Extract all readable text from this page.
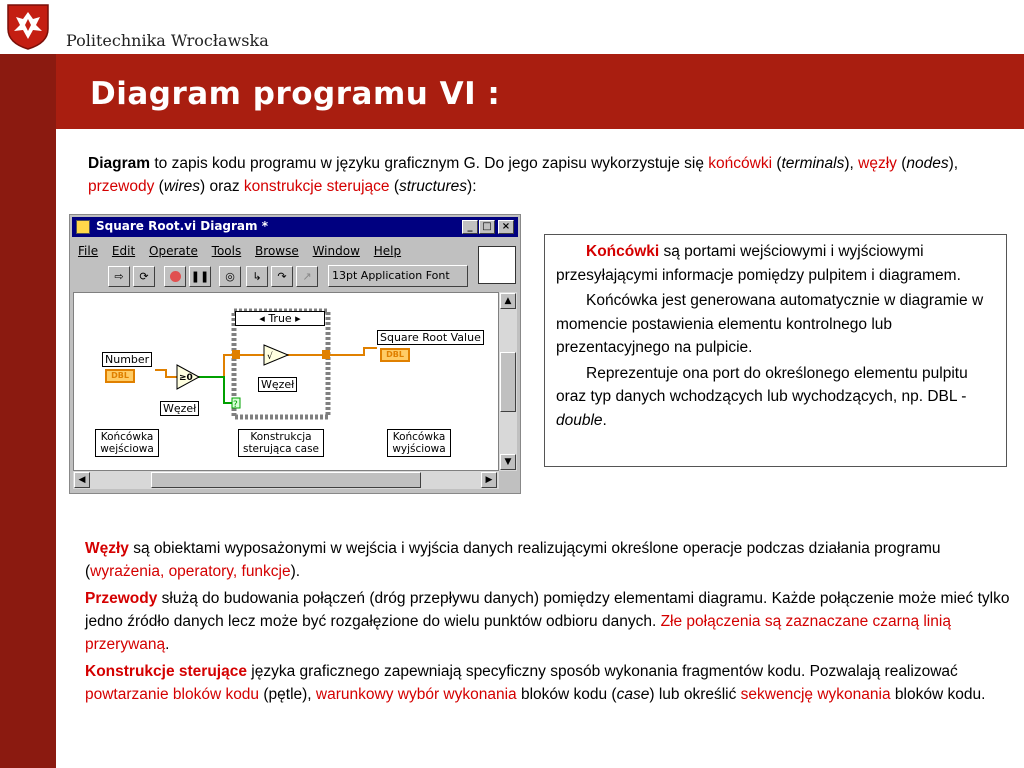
Politechnika Wrocławska
Diagram programu VI :
Diagram to zapis kodu programu w języku graficznym G. Do jego zapisu wykorzystuje się końcówki (terminals), węzły (nodes), przewody (wires) oraz konstrukcje sterujące (structures):
Square Root.vi Diagram *	_ □	×
File Edit Operate Tools Browse Window Help
⇨	⟳	❚❚	◎	↳	↷	↗	13pt Application Font
?
≥0
√
◂ True ▸
Number
DBL
Węzeł
Węzeł
Square Root Value
DBL
Końcówka
wejściowa
Konstrukcja
sterująca case
Końcówka
wyjściowa
▲
▼
◀	▶

Końcówki są portami wejściowymi i wyjściowymi przesyłającymi informacje pomiędzy pulpitem i diagramem.

Końcówka jest generowana automatycznie w diagramie w momencie postawienia elementu kontrolnego lub prezentacyjnego na pulpicie.

Reprezentuje ona port do określonego elementu pulpitu oraz typ danych wchodzących lub wychodzących, np. DBL -double.

Węzły są obiektami wyposażonymi w wejścia i wyjścia danych realizującymi określone operacje podczas działania programu (wyrażenia, operatory, funkcje).

Przewody służą do budowania połączeń (dróg przepływu danych) pomiędzy elementami diagramu. Każde połączenie może mieć tylko jedno źródło danych lecz może być rozgałęzione do wielu punktów odbioru danych. Złe połączenia są zaznaczane czarną linią przerywaną.

Konstrukcje sterujące języka graficznego zapewniają specyficzny sposób wykonania fragmentów kodu. Pozwalają realizować powtarzanie bloków kodu (pętle), warunkowy wybór wykonania bloków kodu (case) lub określić sekwencję wykonania bloków kodu.
